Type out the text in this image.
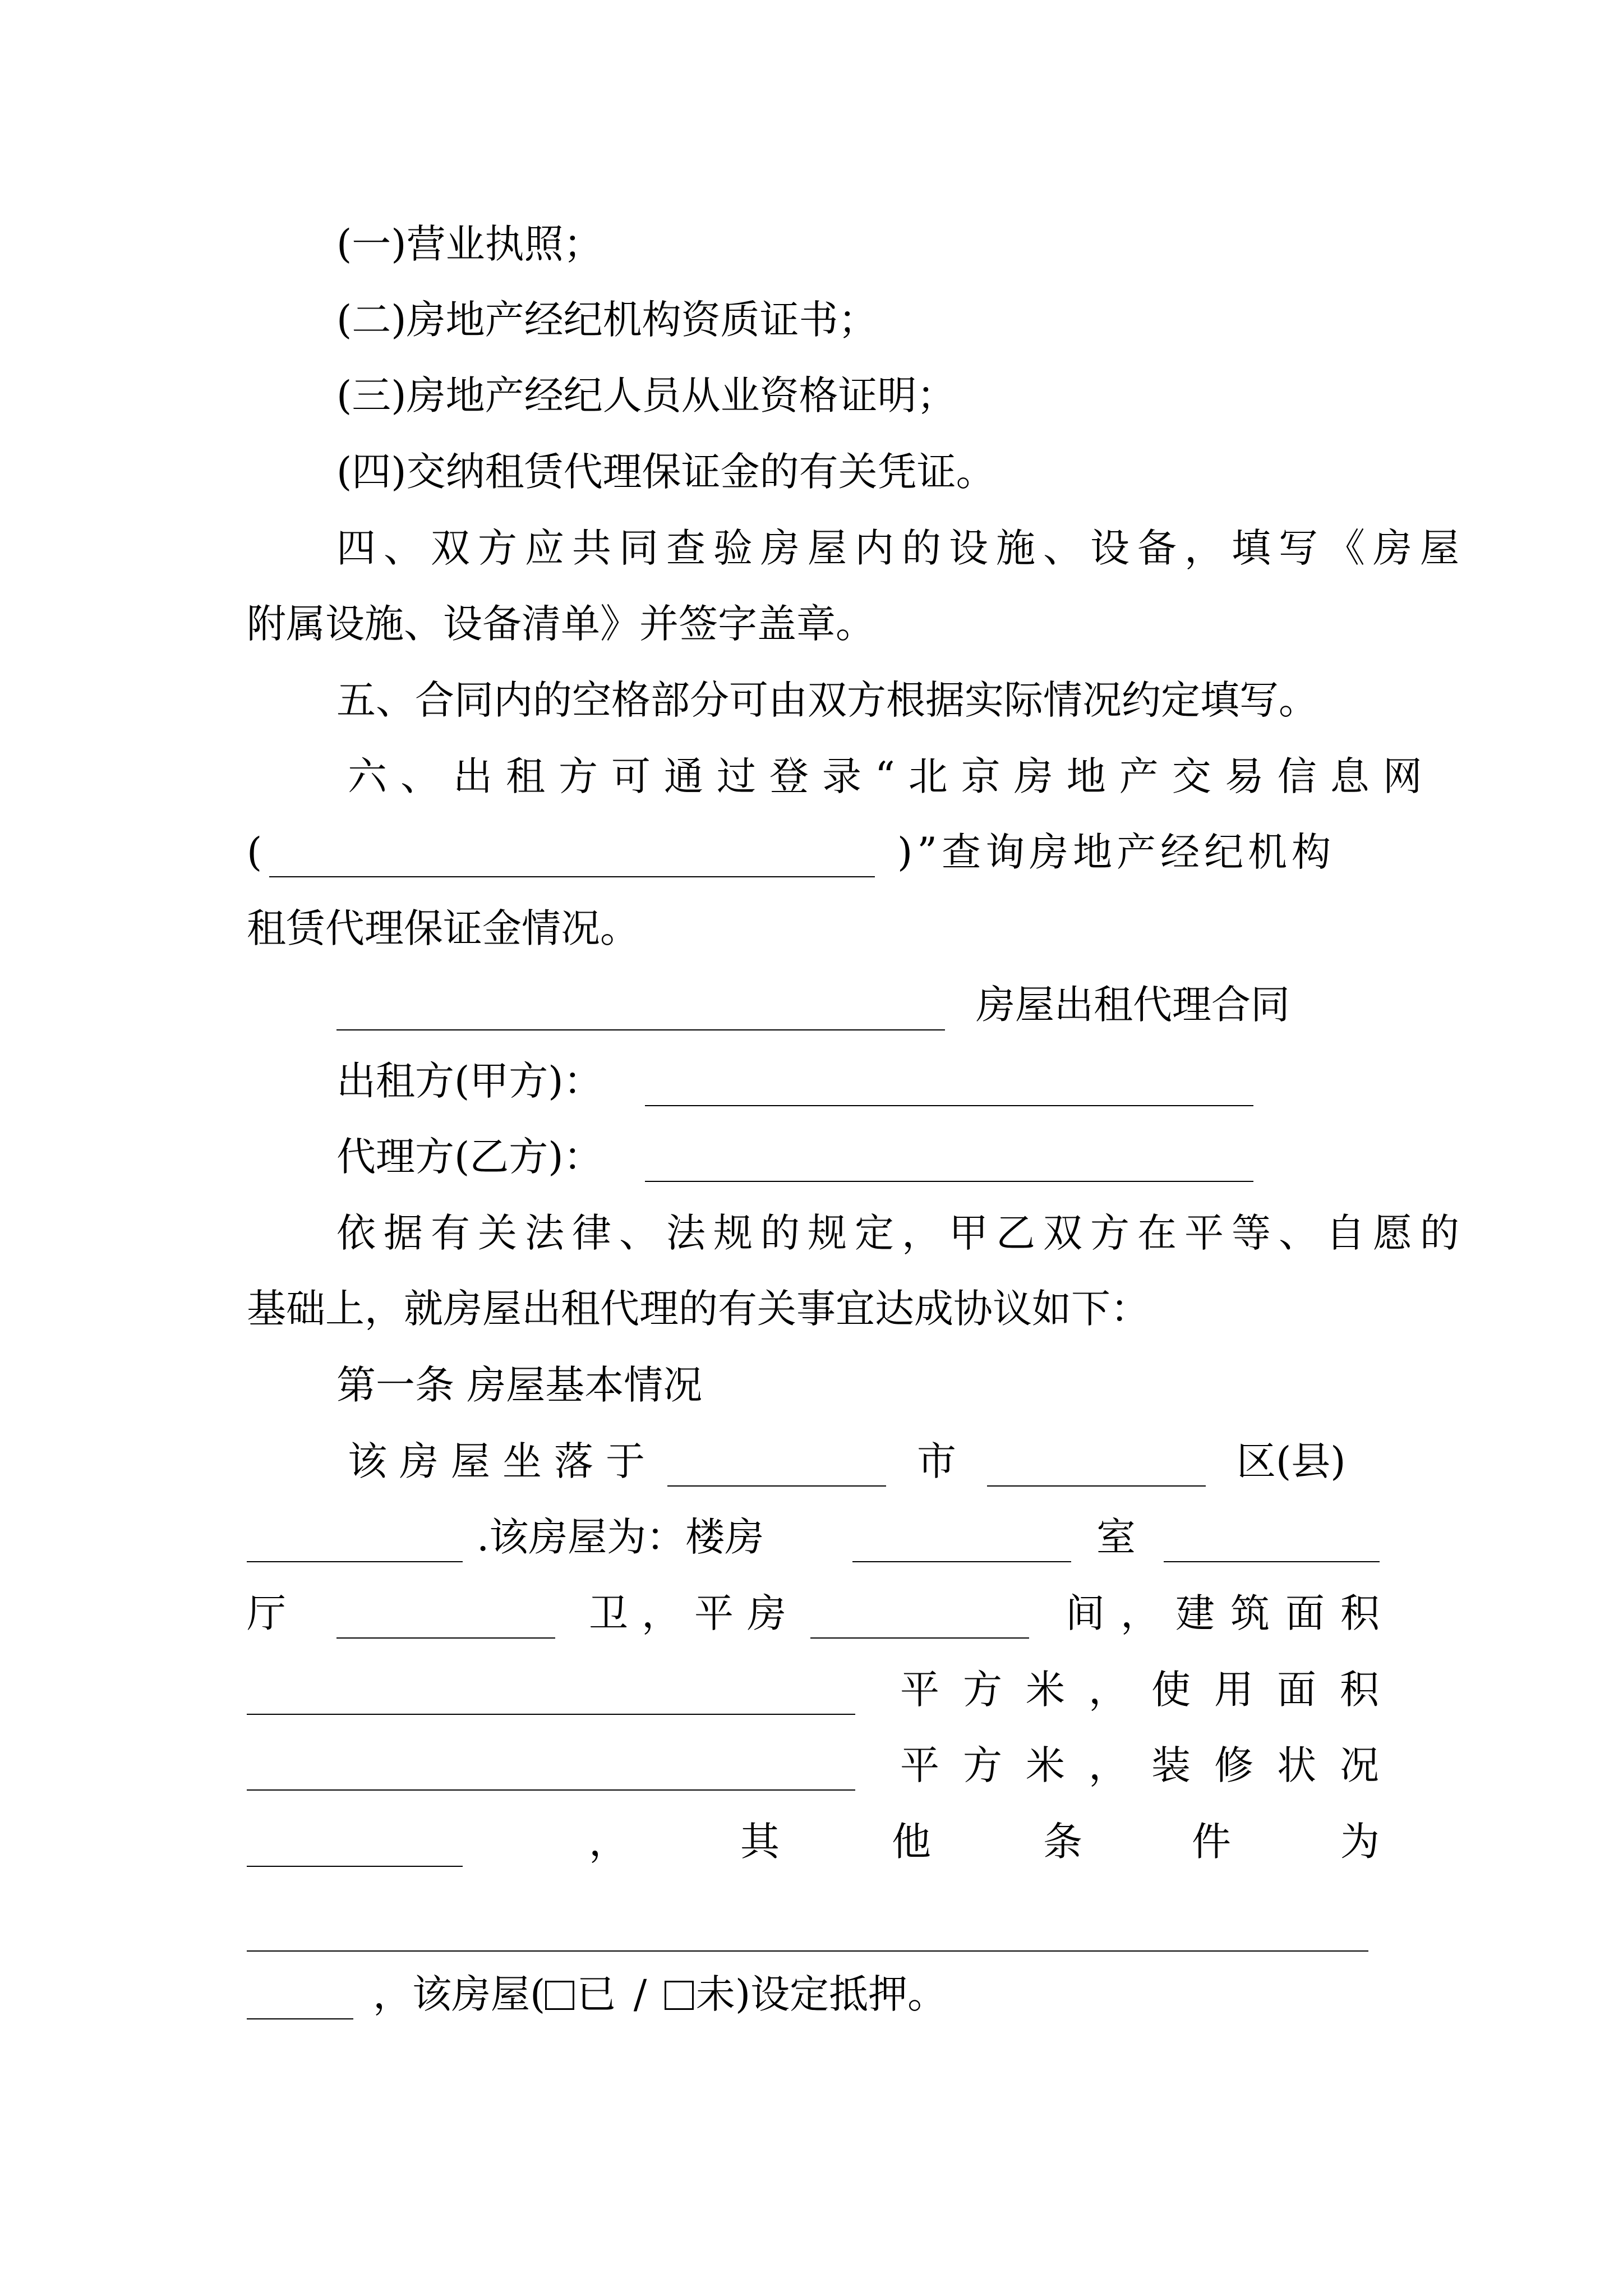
(一)营业执照；
(二)房地产经纪机构资质证书；
(三)房地产经纪人员从业资格证明；
(四)交纳租赁代理保证金的有关凭证。
四、双方应共同查验房屋内的设施、设备，填写《房屋
附属设施、设备清单》并签字盖章。
五、合同内的空格部分可由双方根据实际情况约定填写。
六、出租方可通过登录“北京房地产交易信息网
(	)”查询房地产经纪机构
租赁代理保证金情况。
房屋出租代理合同
出租方(甲方)：
代理方(乙方)：
依据有关法律、法规的规定，甲乙双方在平等、自愿的
基础上，就房屋出租代理的有关事宜达成协议如下：
第一条 房屋基本情况
该房屋坐落于	市	区(县)
.该房屋为：楼房	室
厅	卫，平房	间，建筑面积
平方米，使用面积
平方米，装修状况
，	其	他	条	件	为
，该房屋( 已 / 未)设定抵押。
